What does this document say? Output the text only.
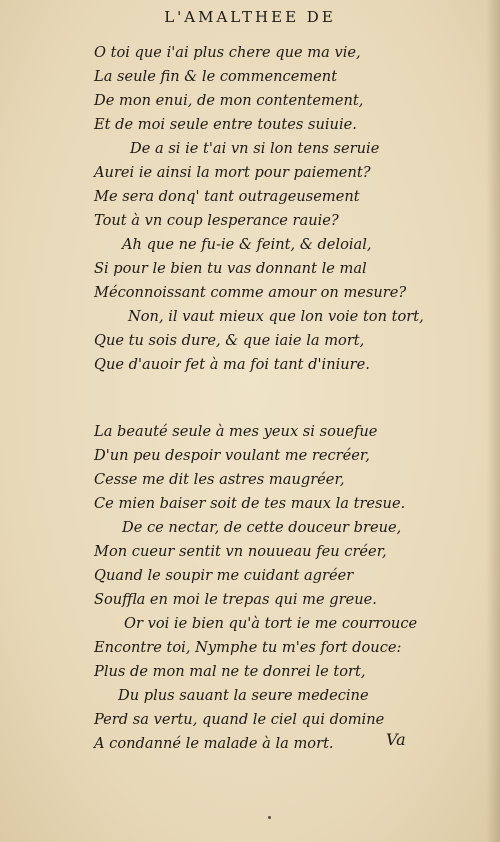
L'AMALTHEE DE
O toi que i'ai plus chere que ma vie,
La seule fin & le commencement
De mon enui, de mon contentement,
Et de moi seule entre toutes suiuie.
De a si ie t'ai vn si lon tens seruie
Aurei ie ainsi la mort pour paiement?
Me sera donq' tant outrageusement
Tout à vn coup lesperance rauie?
Ah que ne fu-ie & feint, & deloial,
Si pour le bien tu vas donnant le mal
Méconnoissant comme amour on mesure?
Non, il vaut mieux que lon voie ton tort,
Que tu sois dure, & que iaie la mort,
Que d'auoir fet à ma foi tant d'iniure.
La beauté seule à mes yeux si souefue
D'un peu despoir voulant me recréer,
Cesse me dit les astres maugréer,
Ce mien baiser soit de tes maux la tresue.
De ce nectar, de cette douceur breue,
Mon cueur sentit vn nouueau feu créer,
Quand le soupir me cuidant agréer
Souffla en moi le trepas qui me greue.
Or voi ie bien qu'à tort ie me courrouce
Encontre toi, Nymphe tu m'es fort douce:
Plus de mon mal ne te donrei le tort,
Du plus sauant la seure medecine
Perd sa vertu, quand le ciel qui domine
A condanné le malade à la mort.	Va
